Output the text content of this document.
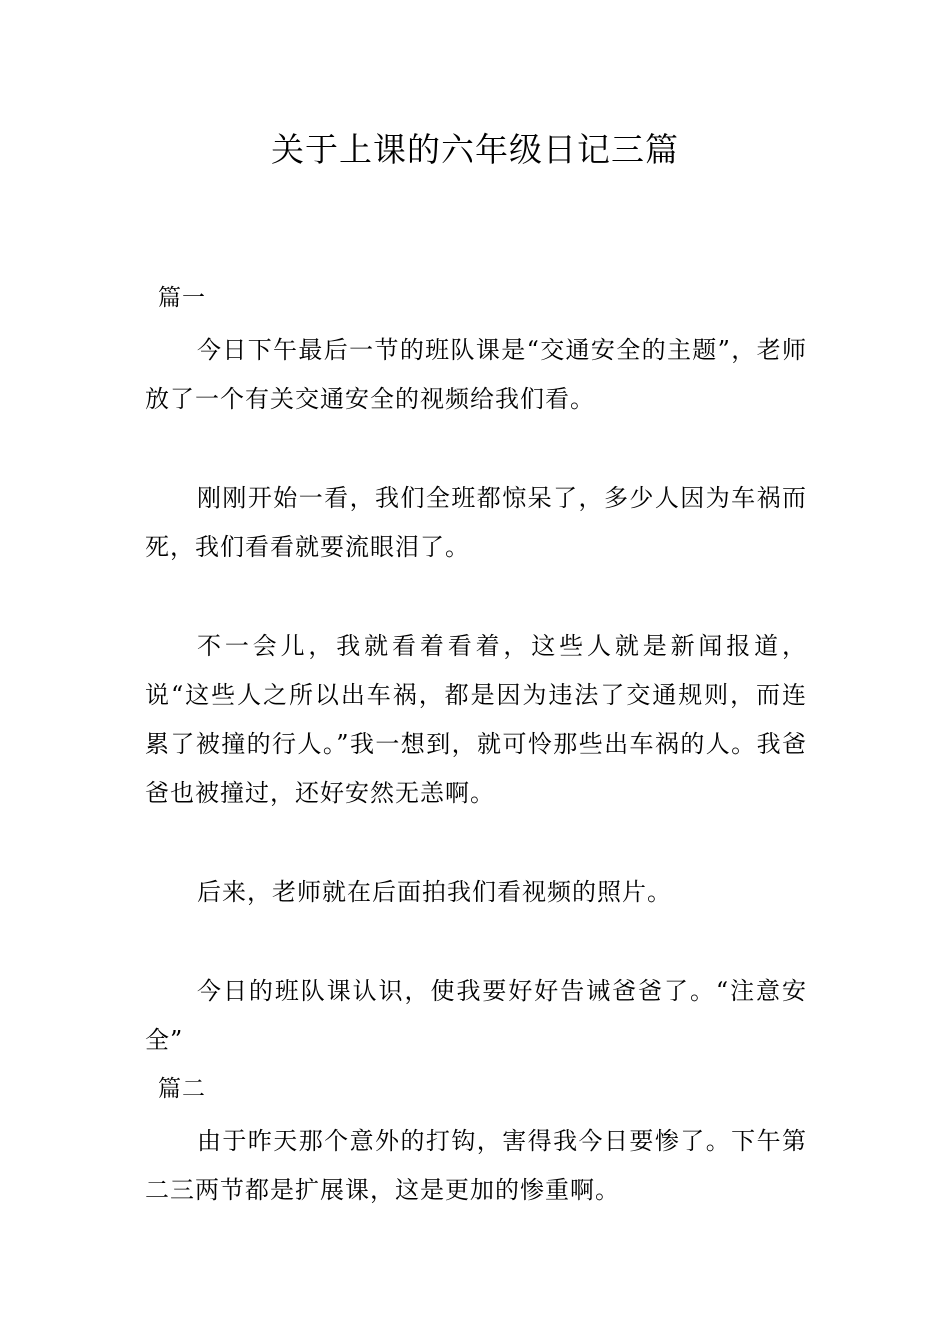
关于上课的六年级日记三篇
篇一

今日下午最后一节的班队课是“交通安全的主题”，老师放了一个有关交通安全的视频给我们看。

刚刚开始一看，我们全班都惊呆了，多少人因为车祸而死，我们看看就要流眼泪了。

不一会儿，我就看着看着，这些人就是新闻报道，说“这些人之所以出车祸，都是因为违法了交通规则，而连累了被撞的行人。”我一想到，就可怜那些出车祸的人。我爸爸也被撞过，还好安然无恙啊。

后来，老师就在后面拍我们看视频的照片。

今日的班队课认识，使我要好好告诫爸爸了。“注意安全”

篇二

由于昨天那个意外的打钩，害得我今日要惨了。下午第二三两节都是扩展课，这是更加的惨重啊。
